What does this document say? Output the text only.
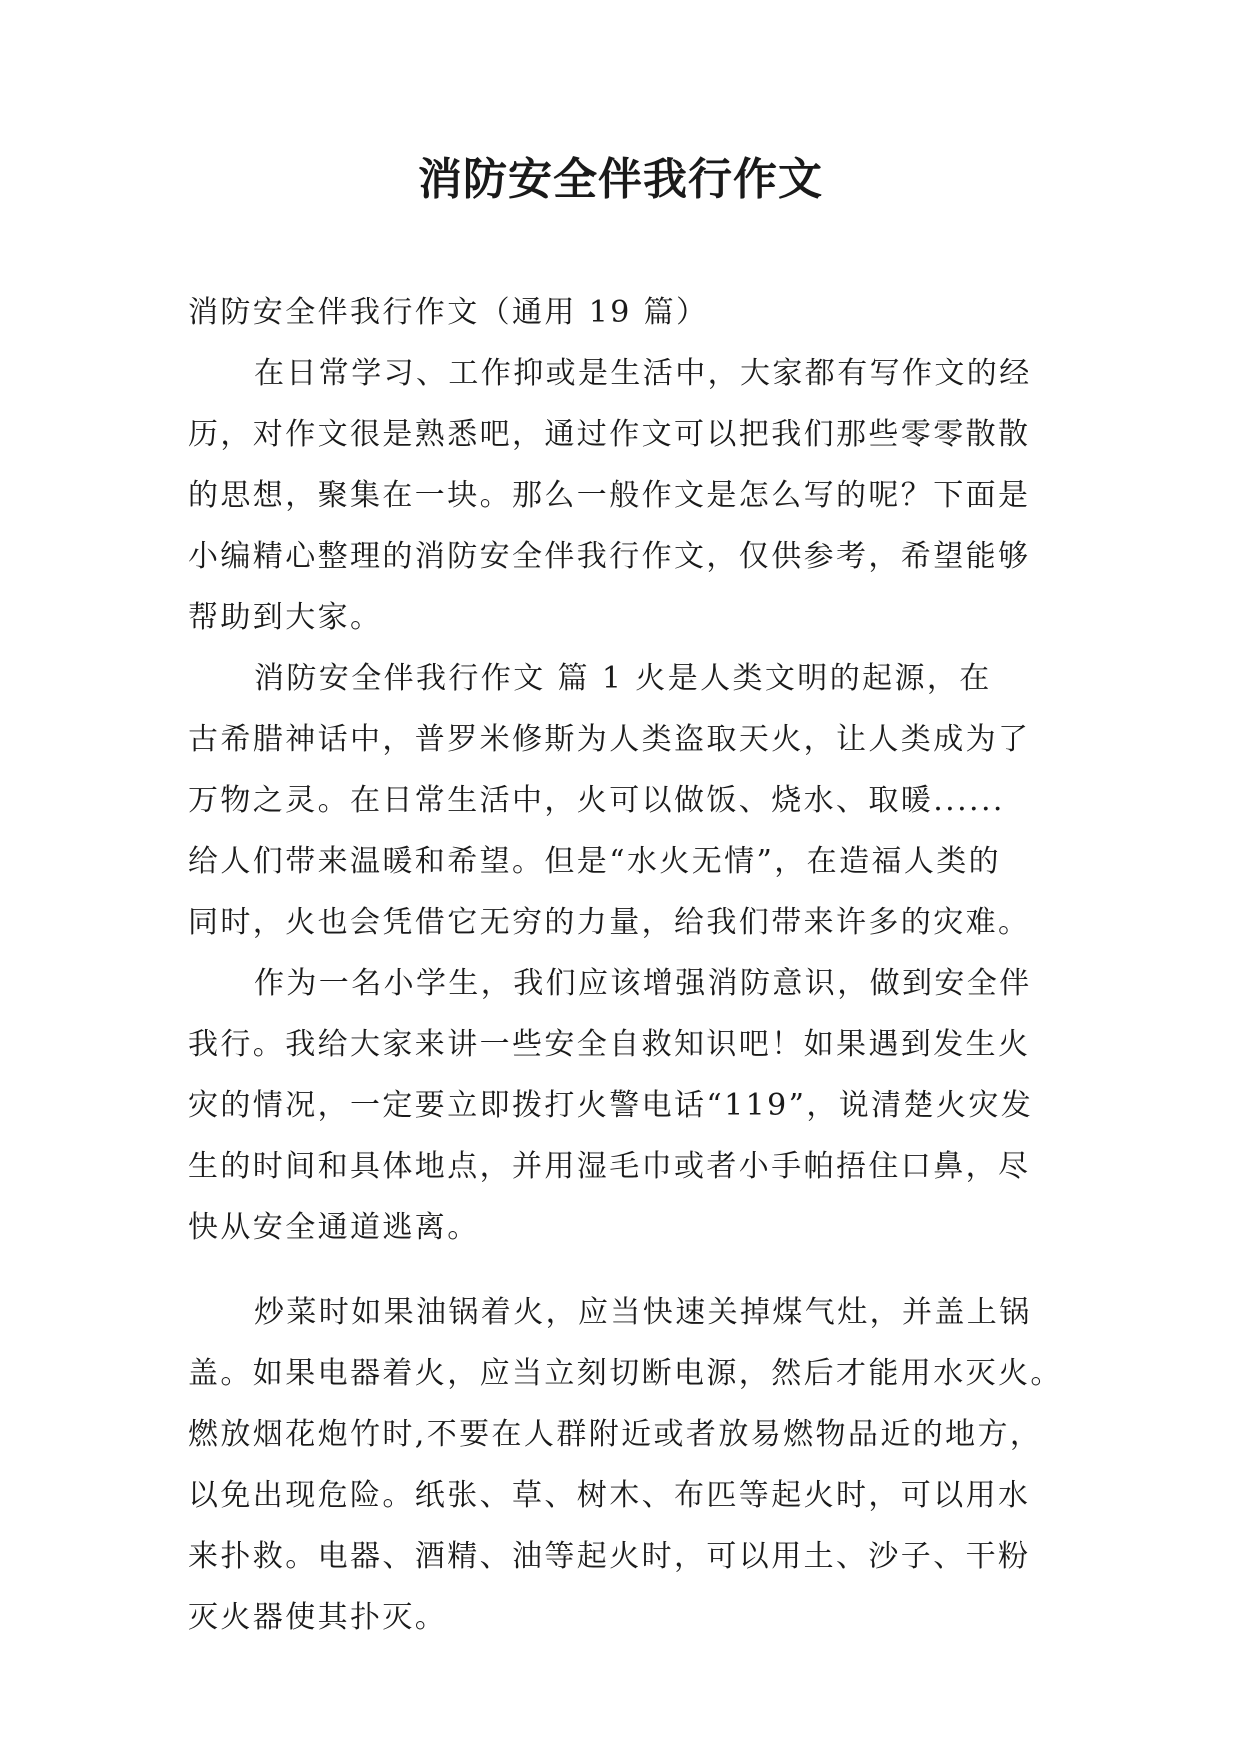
消防安全伴我行作文

消防安全伴我行作文（通用 19 篇）

在日常学习、工作抑或是生活中，大家都有写作文的经

历，对作文很是熟悉吧，通过作文可以把我们那些零零散散

的思想，聚集在一块。那么一般作文是怎么写的呢？下面是

小编精心整理的消防安全伴我行作文，仅供参考，希望能够

帮助到大家。

消防安全伴我行作文 篇 1 火是人类文明的起源，在

古希腊神话中，普罗米修斯为人类盗取天火，让人类成为了

万物之灵。在日常生活中，火可以做饭、烧水、取暖......

给人们带来温暖和希望。但是“水火无情”，在造福人类的

同时，火也会凭借它无穷的力量，给我们带来许多的灾难。

作为一名小学生，我们应该增强消防意识，做到安全伴

我行。我给大家来讲一些安全自救知识吧！如果遇到发生火

灾的情况，一定要立即拨打火警电话“119”，说清楚火灾发

生的时间和具体地点，并用湿毛巾或者小手帕捂住口鼻，尽

快从安全通道逃离。

炒菜时如果油锅着火，应当快速关掉煤气灶，并盖上锅

盖。如果电器着火，应当立刻切断电源，然后才能用水灭火。

燃放烟花炮竹时,不要在人群附近或者放易燃物品近的地方，

以免出现危险。纸张、草、树木、布匹等起火时，可以用水

来扑救。电器、酒精、油等起火时，可以用土、沙子、干粉

灭火器使其扑灭。
